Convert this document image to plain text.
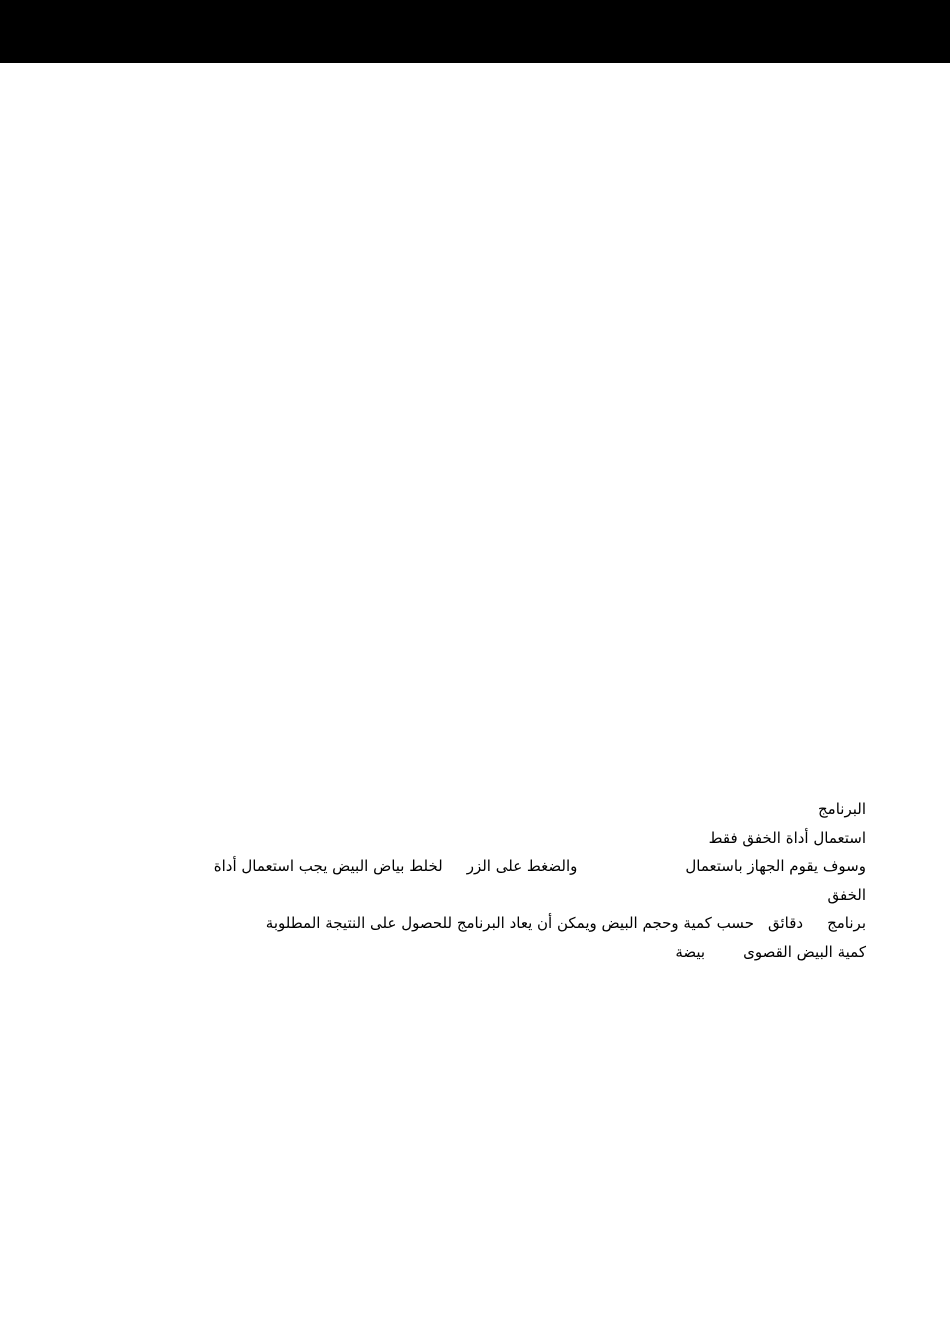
البرنامج
استعمال أداة الخفق فقط
وسوف يقوم الجهاز باستعمالوالضغط على الزرلخلط بياض البيض يجب استعمال أداة
الخفق
برنامجدقائقحسب كمية وحجم البيض ويمكن أن يعاد البرنامج للحصول على النتيجة المطلوبة
كمية البيض القصوىبيضة
